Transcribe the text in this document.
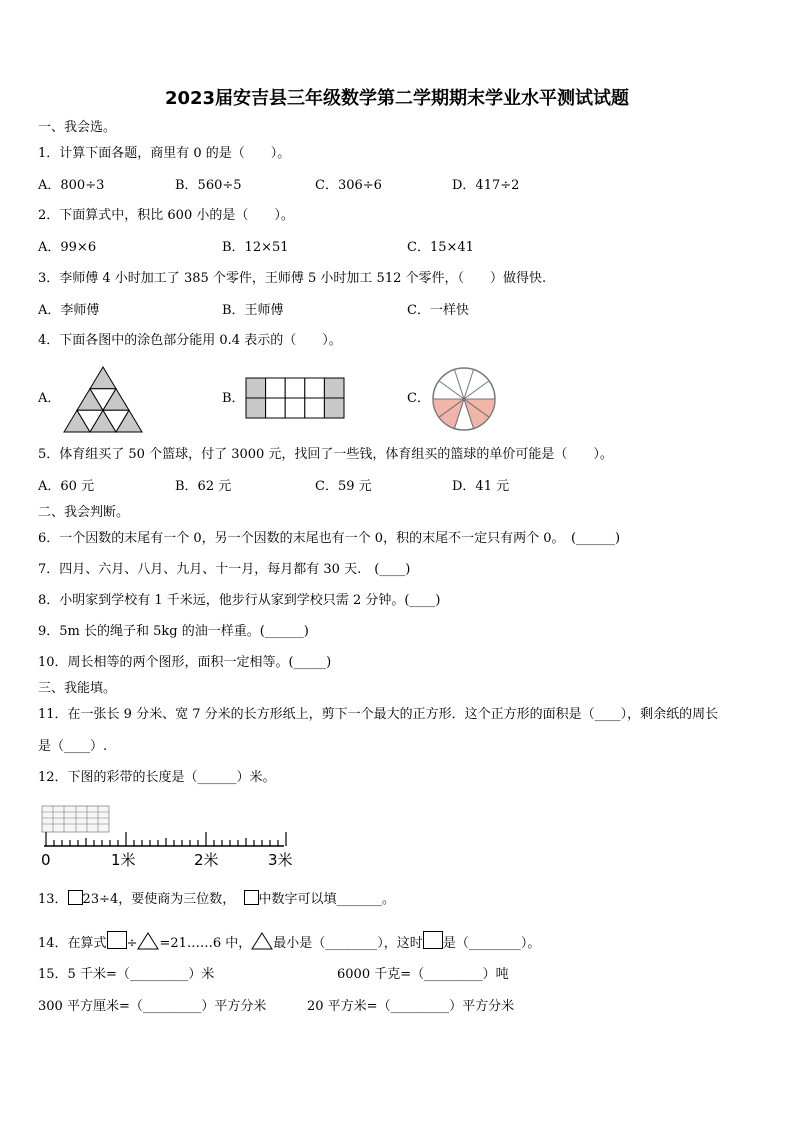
2023届安吉县三年级数学第二学期期末学业水平测试试题
一、我会选。
1．计算下面各题，商里有 0 的是（　　）。
A．800÷3	B．560÷5	C．306÷6	D．417÷2
2．下面算式中，积比 600 小的是（　　）。
A．99×6	B．12×51	C．15×41
3．李师傅 4 小时加工了 385 个零件，王师傅 5 小时加工 512 个零件，（　　）做得快.
A．李师傅	B．王师傅	C．一样快
4．下面各图中的涂色部分能用 0.4 表示的（　　）。
A．	B．	C．
5．体育组买了 50 个篮球，付了 3000 元，找回了一些钱，体育组买的篮球的单价可能是（　　）。
A．60 元	B．62 元	C．59 元	D．41 元
二、我会判断。
6．一个因数的末尾有一个 0，另一个因数的末尾也有一个 0，积的末尾不一定只有两个 0。　(______)
7．四月、六月、八月、九月、十一月，每月都有 30 天.　(____)
8．小明家到学校有 1 千米远，他步行从家到学校只需 2 分钟。(____)
9．5m 长的绳子和 5kg 的油一样重。(______)
10．周长相等的两个图形，面积一定相等。(_____)
三、我能填。
11．在一张长 9 分米、宽 7 分米的长方形纸上，剪下一个最大的正方形．这个正方形的面积是（____），剩余纸的周长
是（____）.
12．下图的彩带的长度是（______）米。
0	1米	2米	3米
13． 23÷4，要使商为三位数， 中数字可以填_______。
14．在算式 ÷ =21……6 中， 最小是（________），这时 是（________）。
15．5 千米=（_________）米	6000 千克=（_________）吨
300 平方厘米=（_________）平方分米	20 平方米=（_________）平方分米
